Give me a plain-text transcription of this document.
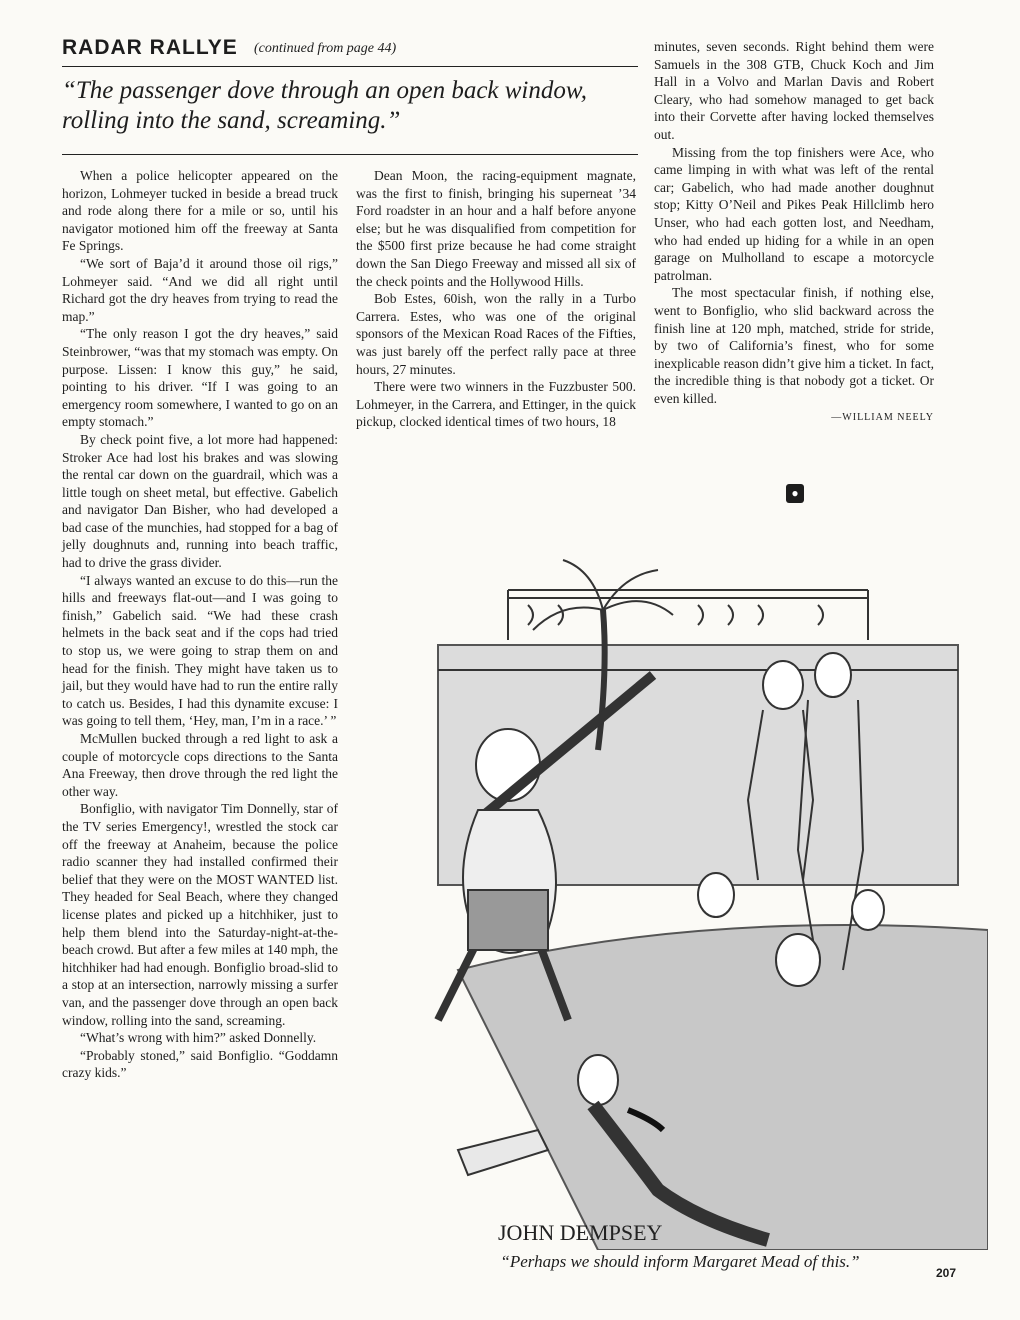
RADAR RALLYE (continued from page 44)
“The passenger dove through an open back window, rolling into the sand, screaming.”

When a police helicopter appeared on the horizon, Lohmeyer tucked in beside a bread truck and rode along there for a mile or so, until his navigator motioned him off the freeway at Santa Fe Springs.

“We sort of Baja’d it around those oil rigs,” Lohmeyer said. “And we did all right until Richard got the dry heaves from trying to read the map.”

“The only reason I got the dry heaves,” said Steinbrower, “was that my stomach was empty. On purpose. Lissen: I know this guy,” he said, pointing to his driver. “If I was going to an emergency room somewhere, I wanted to go on an empty stomach.”

By check point five, a lot more had happened: Stroker Ace had lost his brakes and was slowing the rental car down on the guardrail, which was a little tough on sheet metal, but effective. Gabelich and navigator Dan Bisher, who had developed a bad case of the munchies, had stopped for a bag of jelly doughnuts and, running into beach traffic, had to drive the grass divider.

“I always wanted an excuse to do this—run the hills and freeways flat-out—and I was going to finish,” Gabelich said. “We had these crash helmets in the back seat and if the cops had tried to stop us, we were going to strap them on and head for the finish. They might have taken us to jail, but they would have had to run the entire rally to catch us. Besides, I had this dynamite excuse: I was going to tell them, ‘Hey, man, I’m in a race.’ ”

McMullen bucked through a red light to ask a couple of motorcycle cops directions to the Santa Ana Freeway, then drove through the red light the other way.

Bonfiglio, with navigator Tim Donnelly, star of the TV series Emergency!, wrestled the stock car off the freeway at Anaheim, because the police radio scanner they had installed confirmed their belief that they were on the MOST WANTED list. They headed for Seal Beach, where they changed license plates and picked up a hitchhiker, just to help them blend into the Saturday-night-at-the-beach crowd. But after a few miles at 140 mph, the hitchhiker had had enough. Bonfiglio broad-slid to a stop at an intersection, narrowly missing a surfer van, and the passenger dove through an open back window, rolling into the sand, screaming.

“What’s wrong with him?” asked Donnelly.

“Probably stoned,” said Bonfiglio. “Goddamn crazy kids.”

Dean Moon, the racing-equipment magnate, was the first to finish, bringing his superneat ’34 Ford roadster in an hour and a half before anyone else; but he was disqualified from competition for the $500 first prize because he had come straight down the San Diego Freeway and missed all six of the check points and the Hollywood Hills.

Bob Estes, 60ish, won the rally in a Turbo Carrera. Estes, who was one of the original sponsors of the Mexican Road Races of the Fifties, was just barely off the perfect rally pace at three hours, 27 minutes.

There were two winners in the Fuzzbuster 500. Lohmeyer, in the Carrera, and Ettinger, in the quick pickup, clocked identical times of two hours, 18

minutes, seven seconds. Right behind them were Samuels in the 308 GTB, Chuck Koch and Jim Hall in a Volvo and Marlan Davis and Robert Cleary, who had somehow managed to get back into their Corvette after having locked themselves out.

Missing from the top finishers were Ace, who came limping in with what was left of the rental car; Gabelich, who had made another doughnut stop; Kitty O’Neil and Pikes Peak Hillclimb hero Unser, who had each gotten lost, and Needham, who had ended up hiding for a while in an open garage on Mulholland to escape a motorcycle patrolman.

The most spectacular finish, if nothing else, went to Bonfiglio, who slid backward across the finish line at 120 mph, matched, stride for stride, by two of California’s finest, who for some inexplicable reason didn’t give him a ticket. In fact, the incredible thing is that nobody got a ticket. Or even killed.

—WILLIAM NEELY
●
JOHN DEMPSEY
“Perhaps we should inform Margaret Mead of this.”
207
